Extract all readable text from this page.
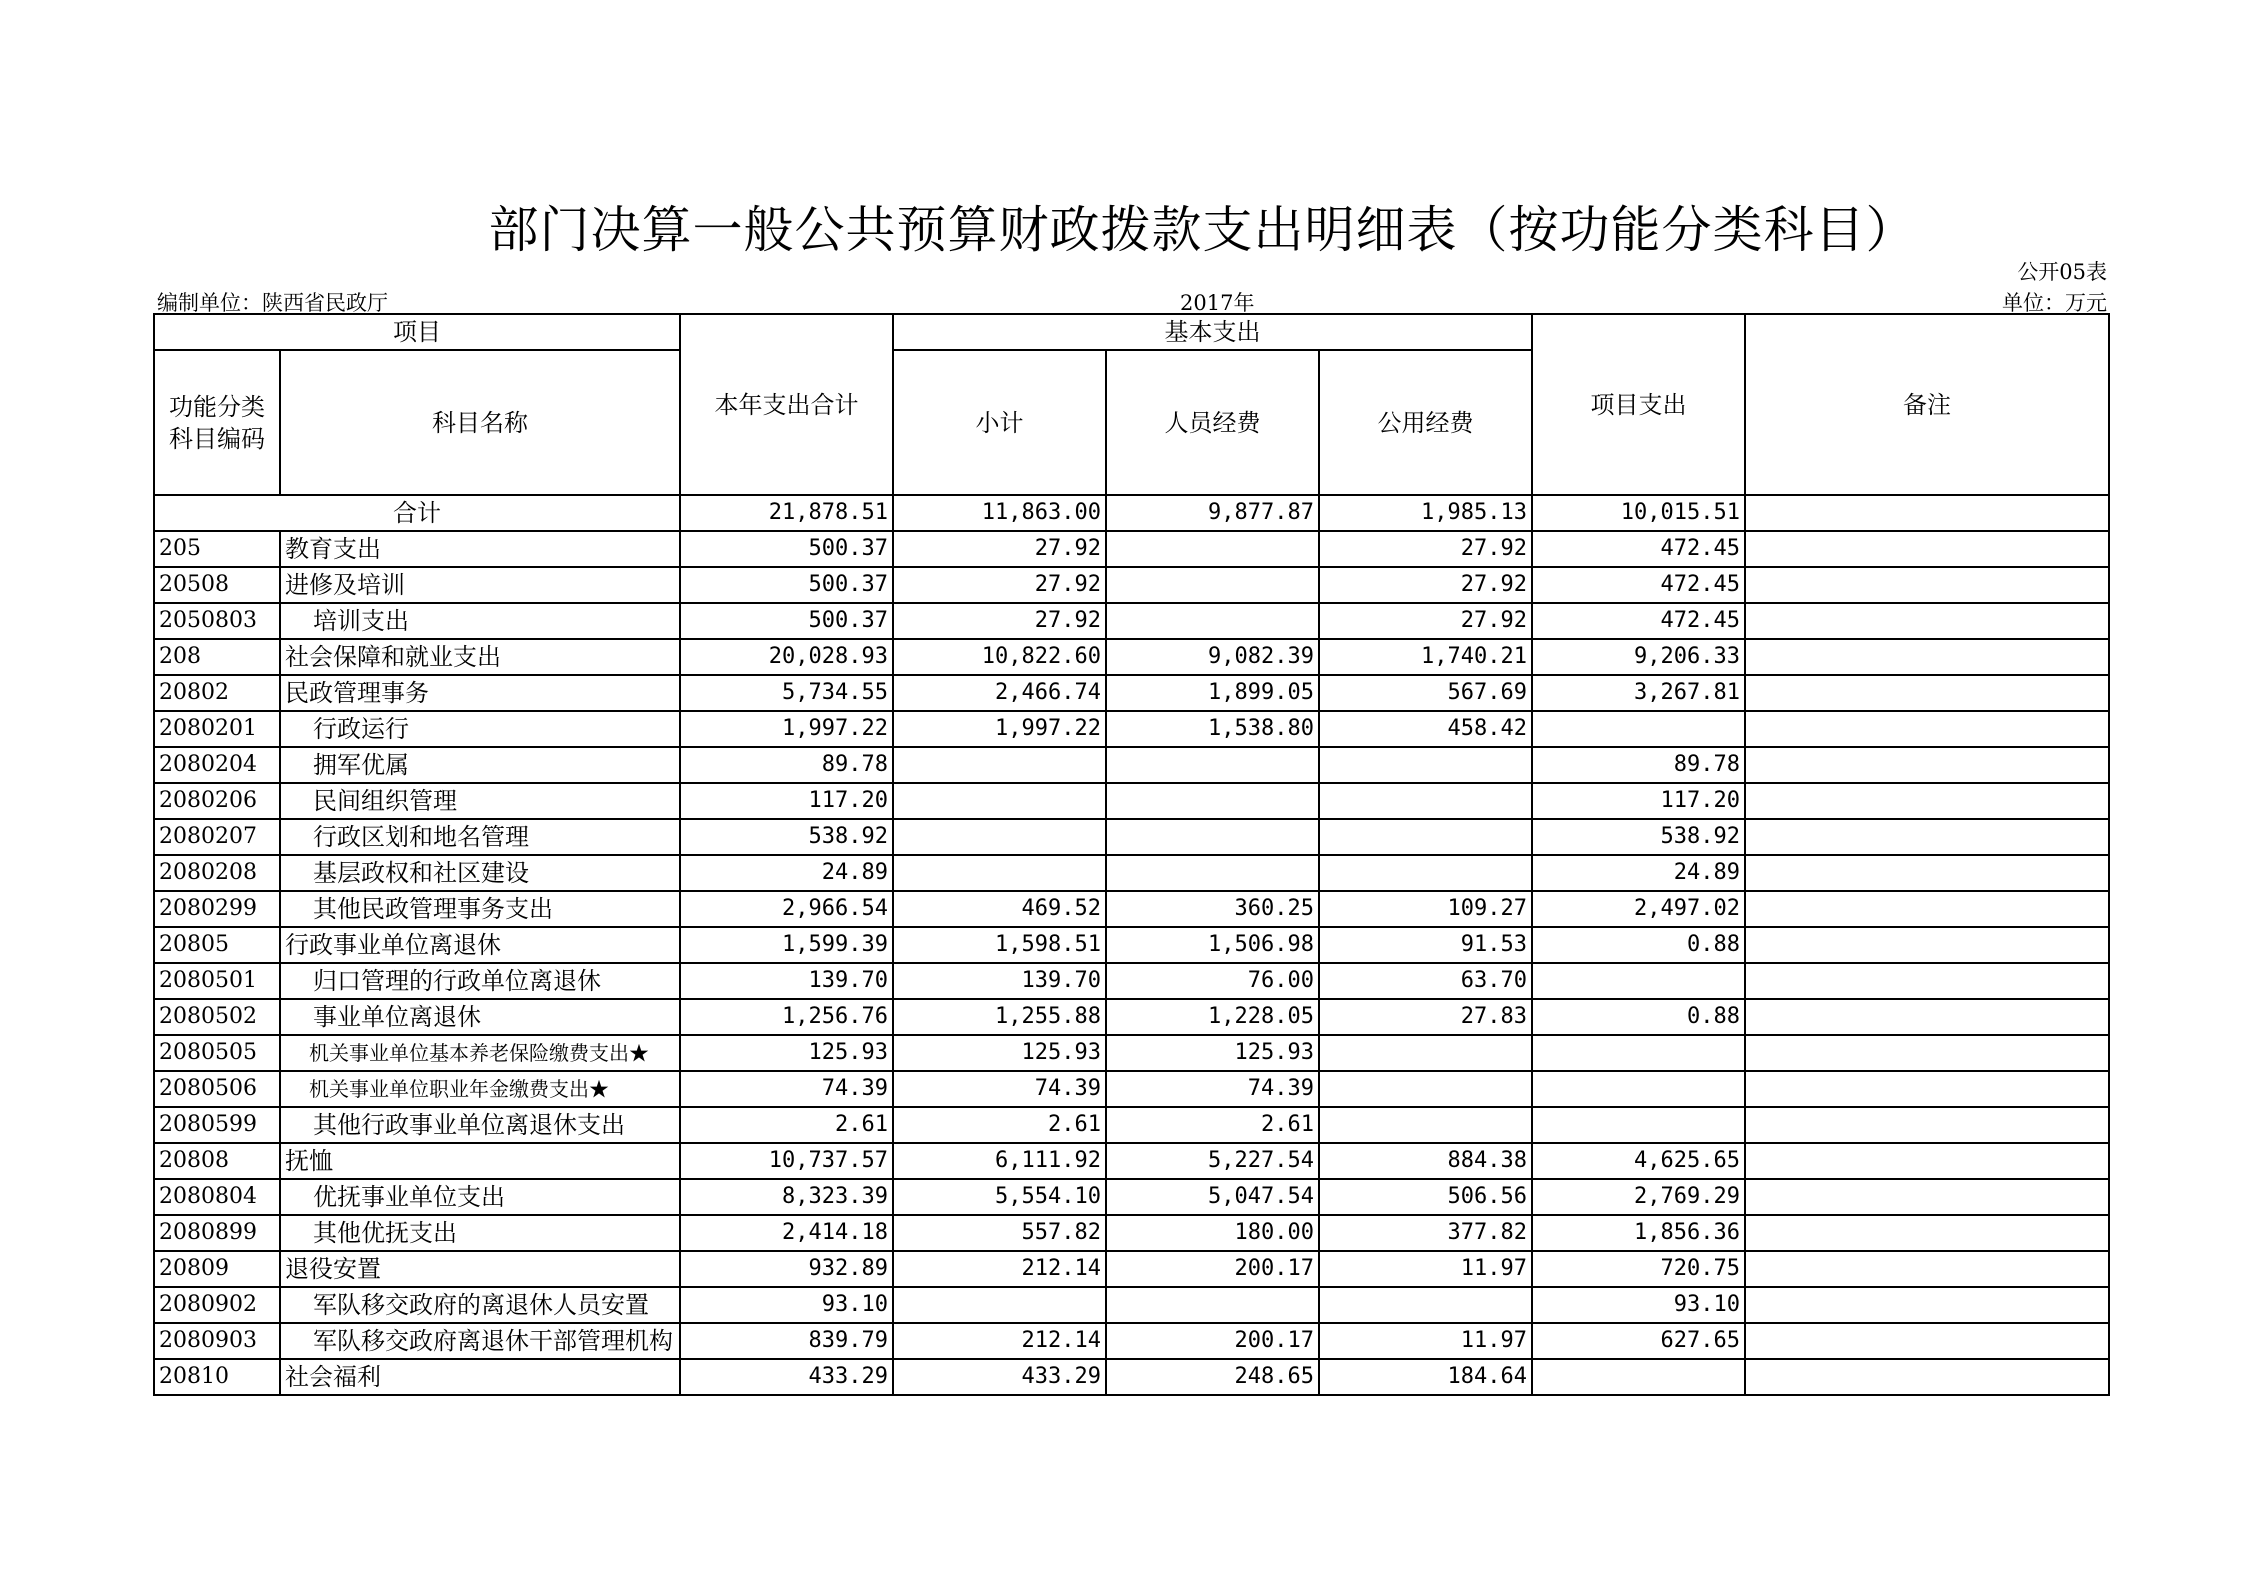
部门决算一般公共预算财政拨款支出明细表（按功能分类科目）
公开05表
编制单位：陕西省民政厅	2017年	单位：万元
项目		本年支出合计	基本支出			项目支出	备注
功能分类科目编码	科目名称		小计	人员经费	公用经费		
合计		21,878.51	11,863.00	9,877.87	1,985.13	10,015.51	
205	教育支出	500.37	27.92		27.92	472.45	
20508	进修及培训	500.37	27.92		27.92	472.45	
2050803	培训支出	500.37	27.92		27.92	472.45	
208	社会保障和就业支出	20,028.93	10,822.60	9,082.39	1,740.21	9,206.33	
20802	民政管理事务	5,734.55	2,466.74	1,899.05	567.69	3,267.81	
2080201	行政运行	1,997.22	1,997.22	1,538.80	458.42		
2080204	拥军优属	89.78				89.78	
2080206	民间组织管理	117.20				117.20	
2080207	行政区划和地名管理	538.92				538.92	
2080208	基层政权和社区建设	24.89				24.89	
2080299	其他民政管理事务支出	2,966.54	469.52	360.25	109.27	2,497.02	
20805	行政事业单位离退休	1,599.39	1,598.51	1,506.98	91.53	0.88	
2080501	归口管理的行政单位离退休	139.70	139.70	76.00	63.70		
2080502	事业单位离退休	1,256.76	1,255.88	1,228.05	27.83	0.88	
2080505	机关事业单位基本养老保险缴费支出★	125.93	125.93	125.93			
2080506	机关事业单位职业年金缴费支出★	74.39	74.39	74.39			
2080599	其他行政事业单位离退休支出	2.61	2.61	2.61			
20808	抚恤	10,737.57	6,111.92	5,227.54	884.38	4,625.65	
2080804	优抚事业单位支出	8,323.39	5,554.10	5,047.54	506.56	2,769.29	
2080899	其他优抚支出	2,414.18	557.82	180.00	377.82	1,856.36	
20809	退役安置	932.89	212.14	200.17	11.97	720.75	
2080902	军队移交政府的离退休人员安置	93.10				93.10	
2080903	军队移交政府离退休干部管理机构	839.79	212.14	200.17	11.97	627.65	
20810	社会福利	433.29	433.29	248.65	184.64		
